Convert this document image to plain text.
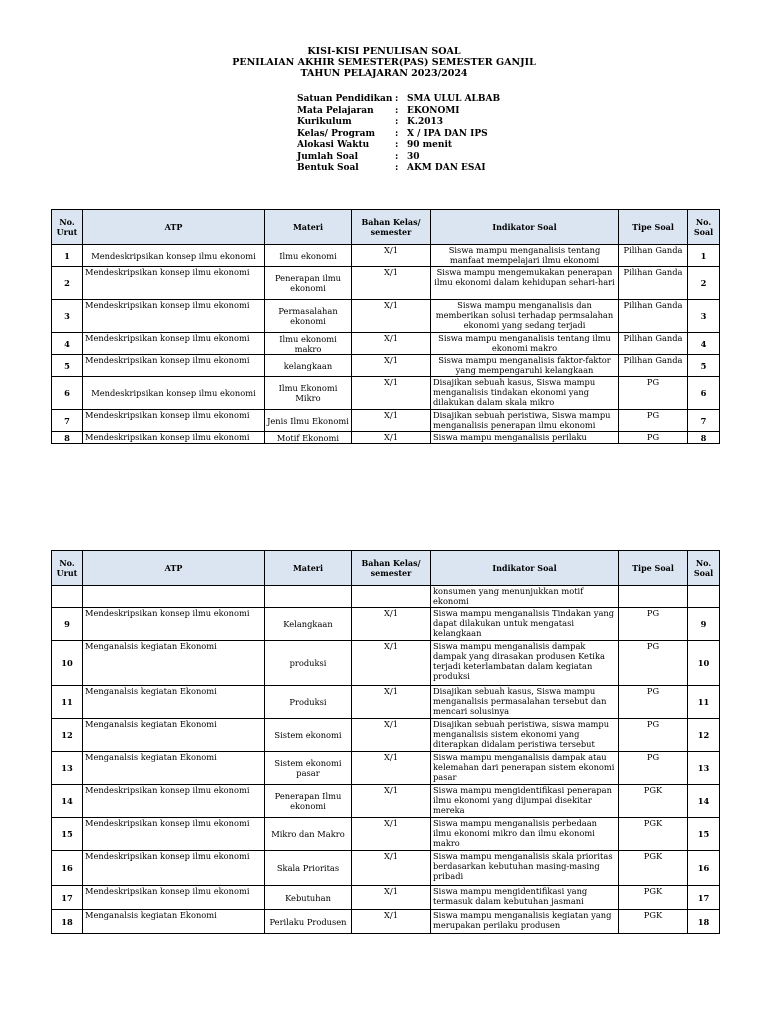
KISI-KISI PENULISAN SOAL
PENILAIAN AKHIR SEMESTER(PAS) SEMESTER GANJIL
TAHUN PELAJARAN 2023/2024
Satuan Pendidikan : SMA ULUL ALBAB
Mata Pelajaran : EKONOMI
Kurikulum	: K.2013
Kelas/ Program : X / IPA DAN IPS
Alokasi Waktu	: 90 menit
Jumlah Soal	: 30
Bentuk Soal	: AKM DAN ESAI
No. Urut	ATP	Materi	Bahan Kelas/ semester	Indikator Soal	Tipe Soal	No. Soal
1	Mendeskripsikan konsep ilmu ekonomi	Ilmu ekonomi	X/1	Siswa mampu menganalisis tentang manfaat mempelajari ilmu ekonomi	Pilihan Ganda	1
2	Mendeskripsikan konsep ilmu ekonomi	Penerapan ilmu ekonomi	X/1	Siswa mampu mengemukakan penerapan ilmu ekonomi dalam kehidupan sehari-hari	Pilihan Ganda	2
3	Mendeskripsikan konsep ilmu ekonomi	Permasalahan ekonomi	X/1	Siswa mampu menganalisis dan memberikan solusi terhadap permsalahan ekonomi yang sedang terjadi	Pilihan Ganda	3
4	Mendeskripsikan konsep ilmu ekonomi	Ilmu ekonomi makro	X/1	Siswa mampu menganalisis tentang ilmu ekonomi makro	Pilihan Ganda	4
5	Mendeskripsikan konsep ilmu ekonomi	kelangkaan	X/1	Siswa mampu menganalisis faktor-faktor yang mempengaruhi kelangkaan	Pilihan Ganda	5
6	Mendeskripsikan konsep ilmu ekonomi	Ilmu Ekonomi Mikro	X/1	Disajikan sebuah kasus, Siswa mampu menganalisis tindakan ekonomi yang dilakukan dalam skala mikro	PG	6
7	Mendeskripsikan konsep ilmu ekonomi	Jenis Ilmu Ekonomi	X/1	Disajikan sebuah peristiwa, Siswa mampu menganalisis penerapan ilmu ekonomi	PG	7
8	Mendeskripsikan konsep ilmu ekonomi	Motif Ekonomi	X/1	Siswa mampu menganalisis perilaku	PG	8
No. Urut	ATP	Materi	Bahan Kelas/ semester	Indikator Soal	Tipe Soal	No. Soal
				konsumen yang menunjukkan motif ekonomi		
9	Mendeskripsikan konsep ilmu ekonomi	Kelangkaan	X/1	Siswa mampu menganalisis Tindakan yang dapat dilakukan untuk mengatasi kelangkaan	PG	9
10	Menganalsis kegiatan Ekonomi	produksi	X/1	Siswa mampu menganalisis dampak dampak yang dirasakan produsen Ketika terjadi keterlambatan dalam kegiatan produksi	PG	10
11	Menganalsis kegiatan Ekonomi	Produksi	X/1	Disajikan sebuah kasus, Siswa mampu menganalisis permasalahan tersebut dan mencari solusinya	PG	11
12	Menganalsis kegiatan Ekonomi	Sistem ekonomi	X/1	Disajikan sebuah peristiwa, siswa mampu menganalisis sistem ekonomi yang diterapkan didalam peristiwa tersebut	PG	12
13	Menganalsis kegiatan Ekonomi	Sistem ekonomi pasar	X/1	Siswa mampu menganalisis dampak atau kelemahan dari penerapan sistem ekonomi pasar	PG	13
14	Mendeskripsikan konsep ilmu ekonomi	Penerapan Ilmu ekonomi	X/1	Siswa mampu mengidentifikasi penerapan ilmu ekonomi yang dijumpai disekitar mereka	PGK	14
15	Mendeskripsikan konsep ilmu ekonomi	Mikro dan Makro	X/1	Siswa mampu menganalisis perbedaan ilmu ekonomi mikro dan ilmu ekonomi makro	PGK	15
16	Mendeskripsikan konsep ilmu ekonomi	Skala Prioritas	X/1	Siswa mampu menganalisis skala prioritas berdasarkan kebutuhan masing-masing pribadi	PGK	16
17	Mendeskripsikan konsep ilmu ekonomi	Kebutuhan	X/1	Siswa mampu mengidentifikasi yang termasuk dalam kebutuhan jasmani	PGK	17
18	Menganalsis kegiatan Ekonomi	Perilaku Produsen	X/1	Siswa mampu menganalisis kegiatan yang merupakan perilaku produsen	PGK	18
